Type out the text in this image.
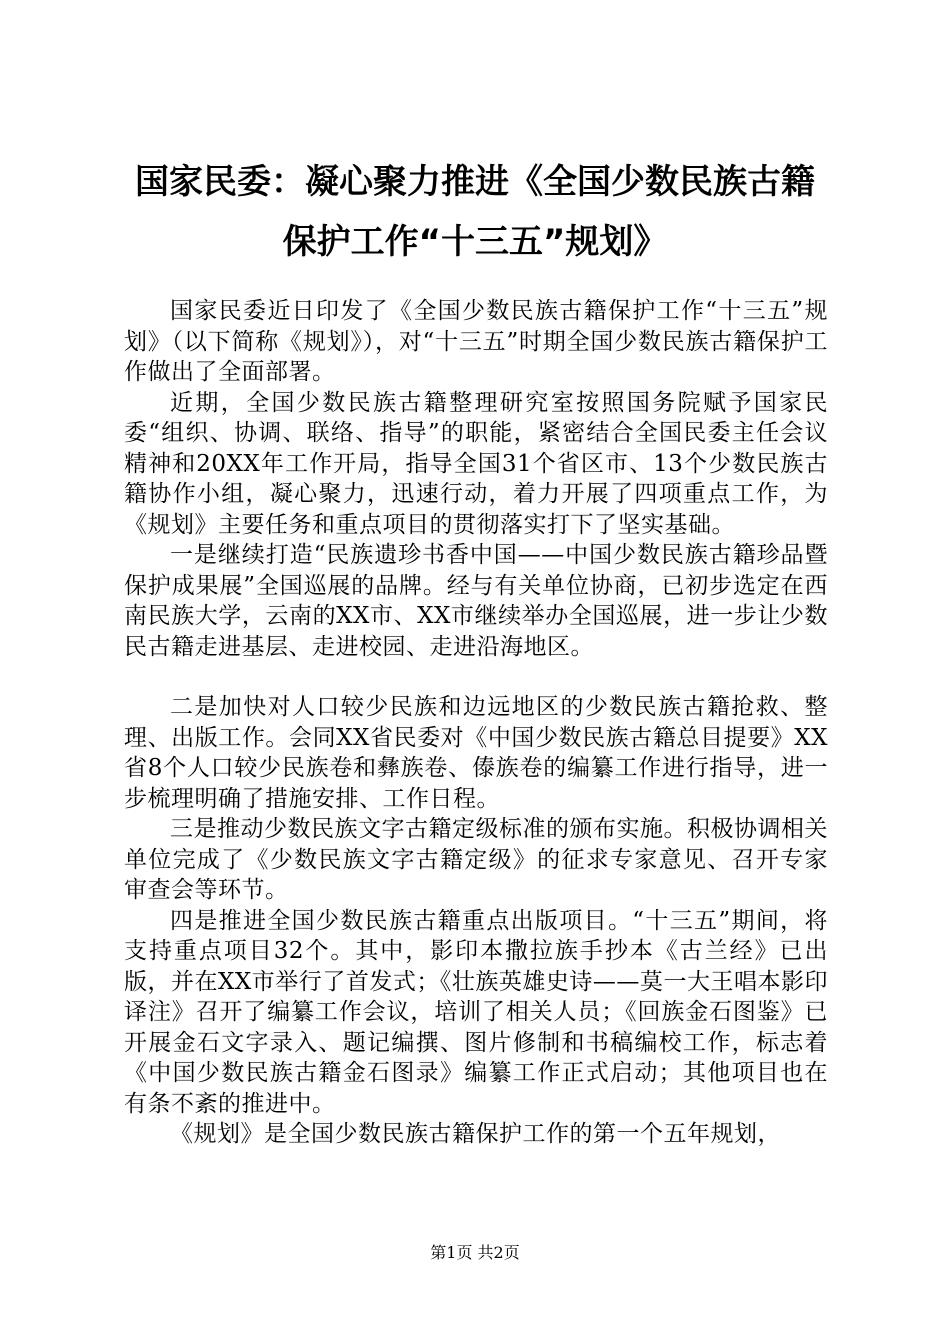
国家民委：凝心聚力推进《全国少数民族古籍
保护工作“十三五”规划》

国家民委近日印发了《全国少数民族古籍保护工作“十三五”规划》（以下简称《规划》），对“十三五”时期全国少数民族古籍保护工作做出了全面部署。

近期，全国少数民族古籍整理研究室按照国务院赋予国家民委“组织、协调、联络、指导”的职能，紧密结合全国民委主任会议精神和20XX年工作开局，指导全国31个省区市、13个少数民族古籍协作小组，凝心聚力，迅速行动，着力开展了四项重点工作，为《规划》主要任务和重点项目的贯彻落实打下了坚实基础。

一是继续打造“民族遗珍书香中国——中国少数民族古籍珍品暨保护成果展”全国巡展的品牌。经与有关单位协商，已初步选定在西南民族大学，云南的XX市、XX市继续举办全国巡展，进一步让少数民古籍走进基层、走进校园、走进沿海地区。

二是加快对人口较少民族和边远地区的少数民族古籍抢救、整理、出版工作。会同XX省民委对《中国少数民族古籍总目提要》XX省8个人口较少民族卷和彝族卷、傣族卷的编纂工作进行指导，进一步梳理明确了措施安排、工作日程。

三是推动少数民族文字古籍定级标准的颁布实施。积极协调相关单位完成了《少数民族文字古籍定级》的征求专家意见、召开专家审查会等环节。

四是推进全国少数民族古籍重点出版项目。“十三五”期间，将支持重点项目32个。其中，影印本撒拉族手抄本《古兰经》已出版，并在XX市举行了首发式；《壮族英雄史诗——莫一大王唱本影印译注》召开了编纂工作会议，培训了相关人员；《回族金石图鉴》已开展金石文字录入、题记编撰、图片修制和书稿编校工作，标志着《中国少数民族古籍金石图录》编纂工作正式启动；其他项目也在有条不紊的推进中。

《规划》是全国少数民族古籍保护工作的第一个五年规划，

第1页 共2页
